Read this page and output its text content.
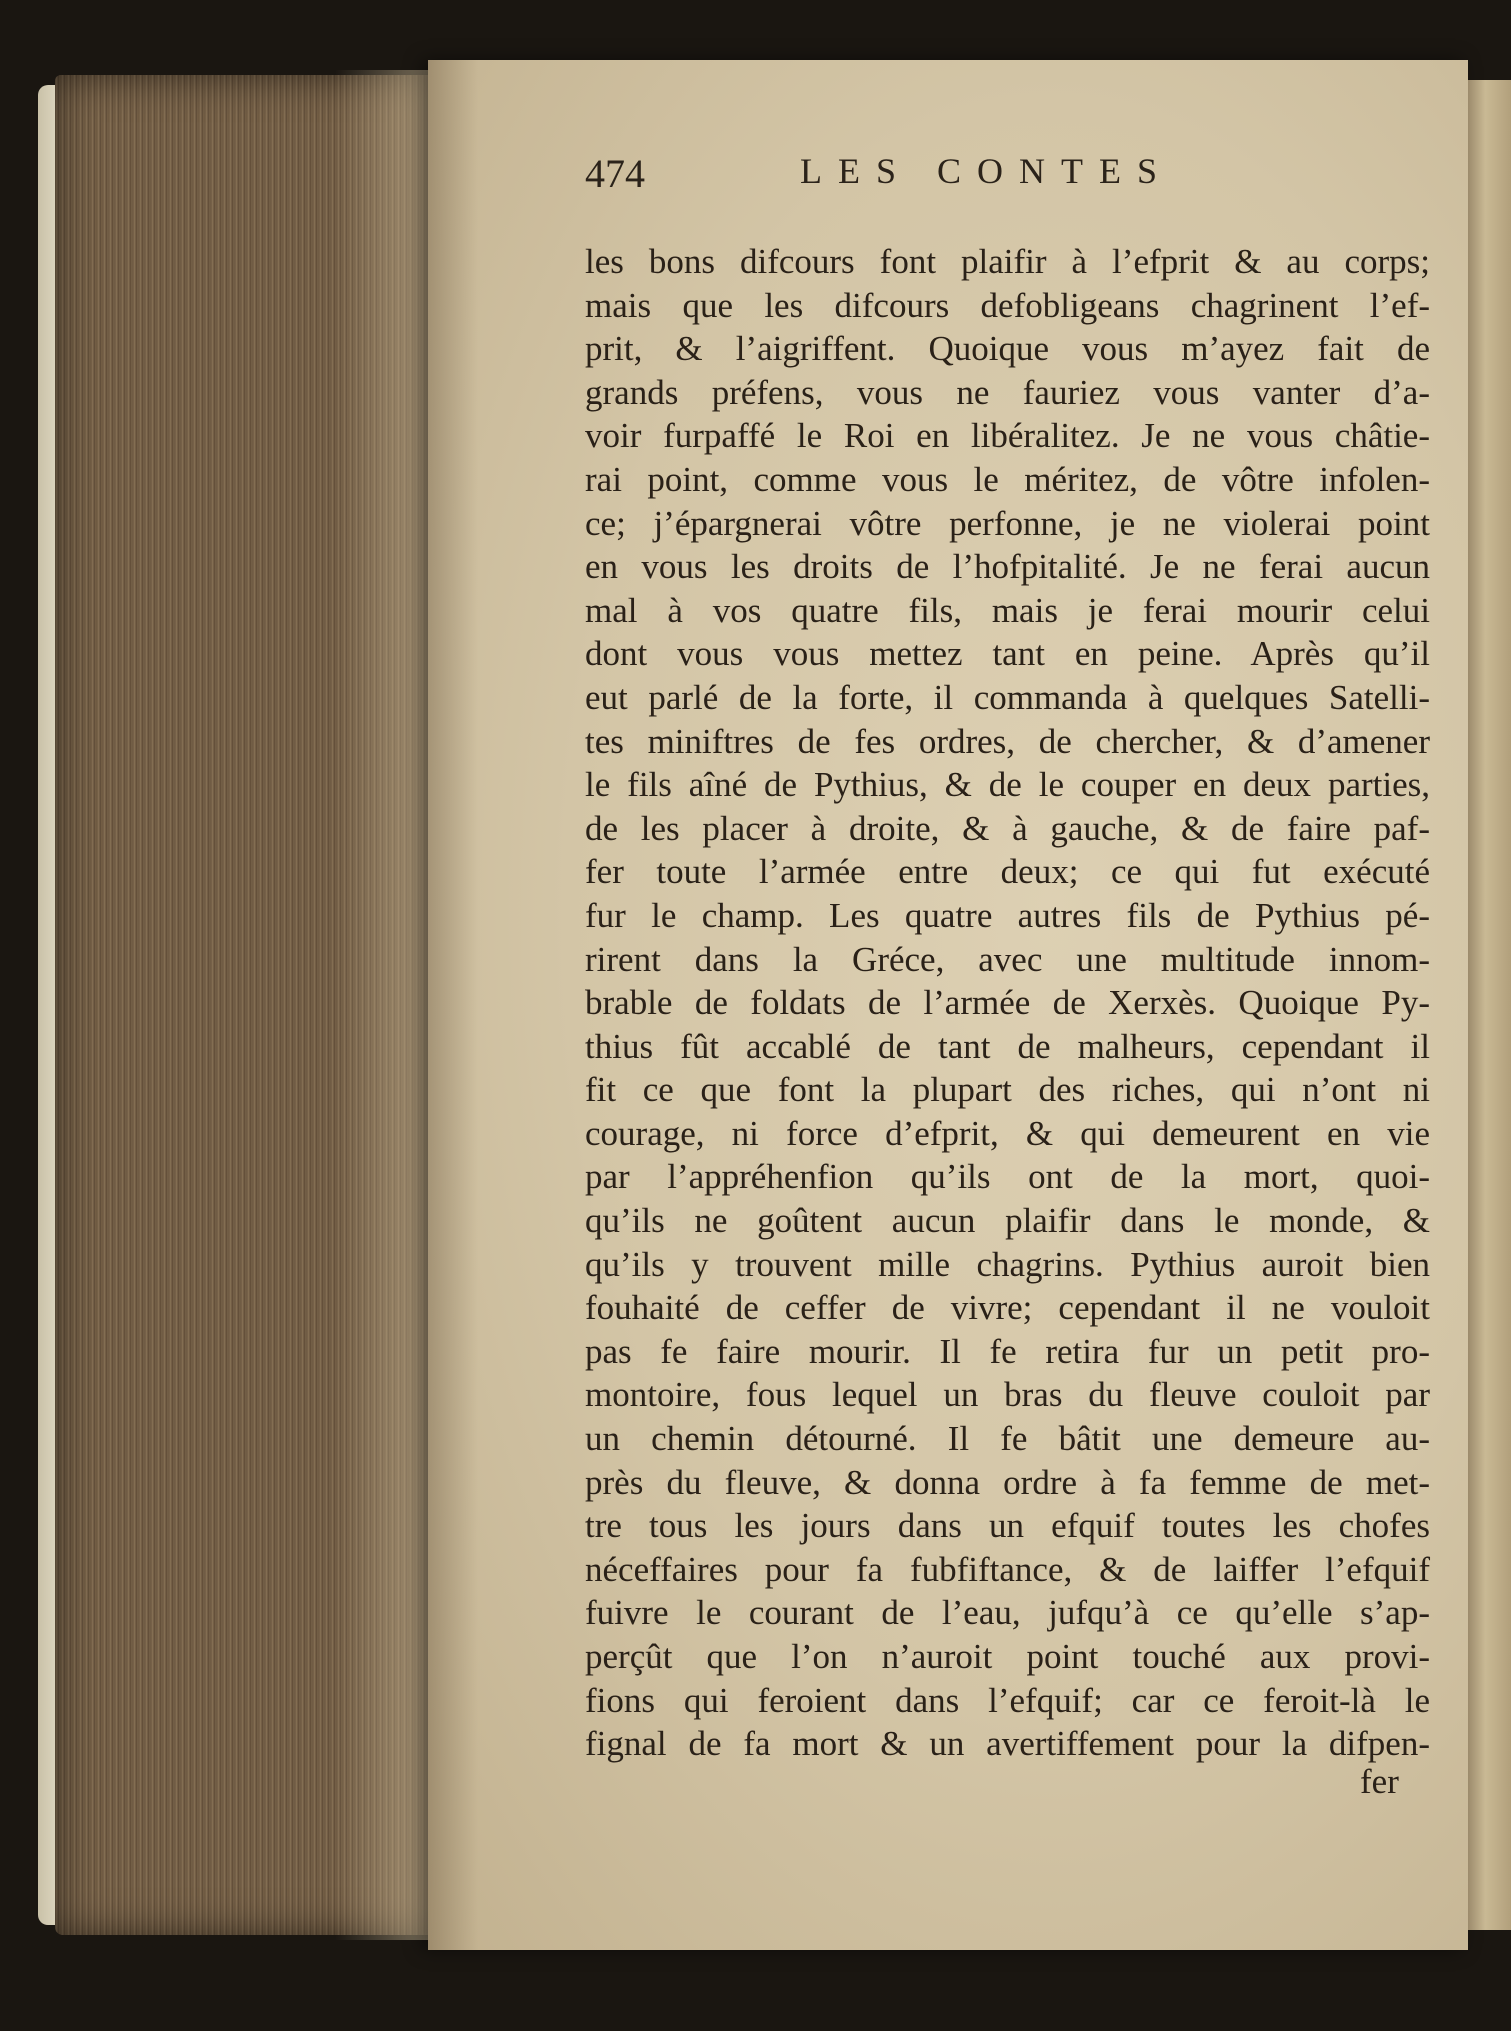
474	LES CONTES
les bons difcours font plaifir à l’efprit & au corps;
mais que les difcours defobligeans chagrinent l’ef-
prit, & l’aigriffent. Quoique vous m’ayez fait de
grands préfens, vous ne fauriez vous vanter d’a-
voir furpaffé le Roi en libéralitez. Je ne vous châtie-
rai point, comme vous le méritez, de vôtre infolen-
ce; j’épargnerai vôtre perfonne, je ne violerai point
en vous les droits de l’hofpitalité. Je ne ferai aucun
mal à vos quatre fils, mais je ferai mourir celui
dont vous vous mettez tant en peine. Après qu’il
eut parlé de la forte, il commanda à quelques Satelli-
tes miniftres de fes ordres, de chercher, & d’amener
le fils aîné de Pythius, & de le couper en deux parties,
de les placer à droite, & à gauche, & de faire paf-
fer toute l’armée entre deux; ce qui fut exécuté
fur le champ. Les quatre autres fils de Pythius pé-
rirent dans la Gréce, avec une multitude innom-
brable de foldats de l’armée de Xerxès. Quoique Py-
thius fût accablé de tant de malheurs, cependant il
fit ce que font la plupart des riches, qui n’ont ni
courage, ni force d’efprit, & qui demeurent en vie
par l’appréhenfion qu’ils ont de la mort, quoi-
qu’ils ne goûtent aucun plaifir dans le monde, &
qu’ils y trouvent mille chagrins. Pythius auroit bien
fouhaité de ceffer de vivre; cependant il ne vouloit
pas fe faire mourir. Il fe retira fur un petit pro-
montoire, fous lequel un bras du fleuve couloit par
un chemin détourné. Il fe bâtit une demeure au-
près du fleuve, & donna ordre à fa femme de met-
tre tous les jours dans un efquif toutes les chofes
néceffaires pour fa fubfiftance, & de laiffer l’efquif
fuivre le courant de l’eau, jufqu’à ce qu’elle s’ap-
perçût que l’on n’auroit point touché aux provi-
fions qui feroient dans l’efquif; car ce feroit-là le
fignal de fa mort & un avertiffement pour la difpen-
fer
